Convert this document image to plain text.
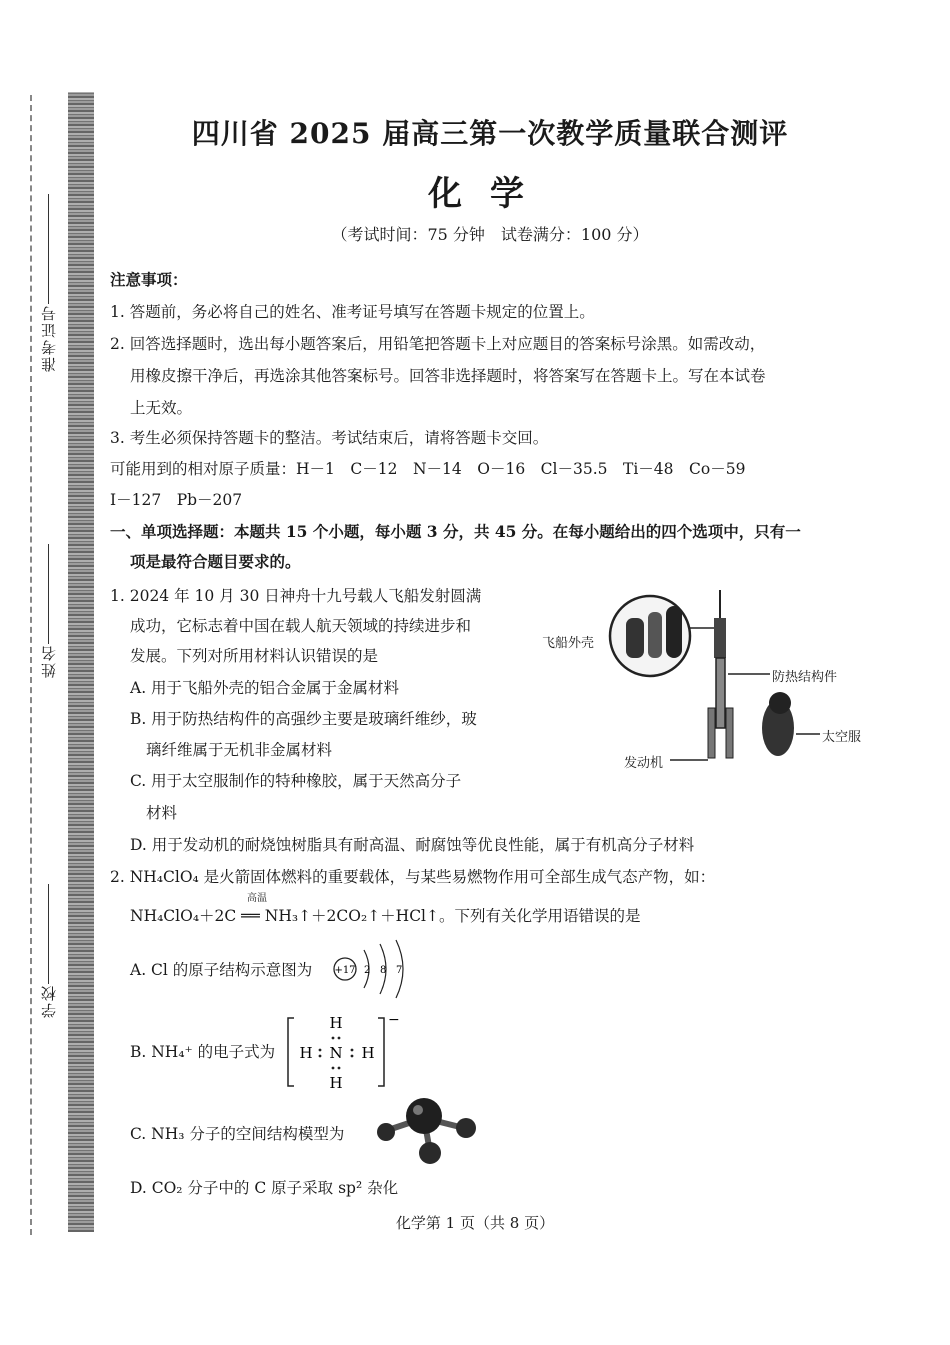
准考证号
姓名
学校
四川省 2025 届高三第一次教学质量联合测评
化学
（考试时间：75 分钟　试卷满分：100 分）
注意事项：
1. 答题前，务必将自己的姓名、准考证号填写在答题卡规定的位置上。
2. 回答选择题时，选出每小题答案后，用铅笔把答题卡上对应题目的答案标号涂黑。如需改动，
用橡皮擦干净后，再选涂其他答案标号。回答非选择题时，将答案写在答题卡上。写在本试卷
上无效。
3. 考生必须保持答题卡的整洁。考试结束后，请将答题卡交回。
可能用到的相对原子质量：H－1　C－12　N－14　O－16　Cl－35.5　Ti－48　Co－59
I－127　Pb－207
一、单项选择题：本题共 15 个小题，每小题 3 分，共 45 分。在每小题给出的四个选项中，只有一
项是最符合题目要求的。
1. 2024 年 10 月 30 日神舟十九号载人飞船发射圆满
成功，它标志着中国在载人航天领域的持续进步和
发展。下列对所用材料认识错误的是
A. 用于飞船外壳的铝合金属于金属材料
B. 用于防热结构件的高强纱主要是玻璃纤维纱，玻
璃纤维属于无机非金属材料
C. 用于太空服制作的特种橡胶，属于天然高分子
材料
D. 用于发动机的耐烧蚀树脂具有耐高温、耐腐蚀等优良性能，属于有机高分子材料
飞船外壳
防热结构件
太空服
发动机
2. NH₄ClO₄ 是火箭固体燃料的重要载体，与某些易燃物作用可全部生成气态产物，如：
NH₄ClO₄＋2C ══ NH₃↑＋2CO₂↑＋HCl↑。下列有关化学用语错误的是
高温
A. Cl 的原子结构示意图为 +17 2 8 7
B. NH₄⁺ 的电子式为
H
H N H
H
−
C. NH₃ 分子的空间结构模型为
D. CO₂ 分子中的 C 原子采取 sp² 杂化
化学第 1 页（共 8 页）
